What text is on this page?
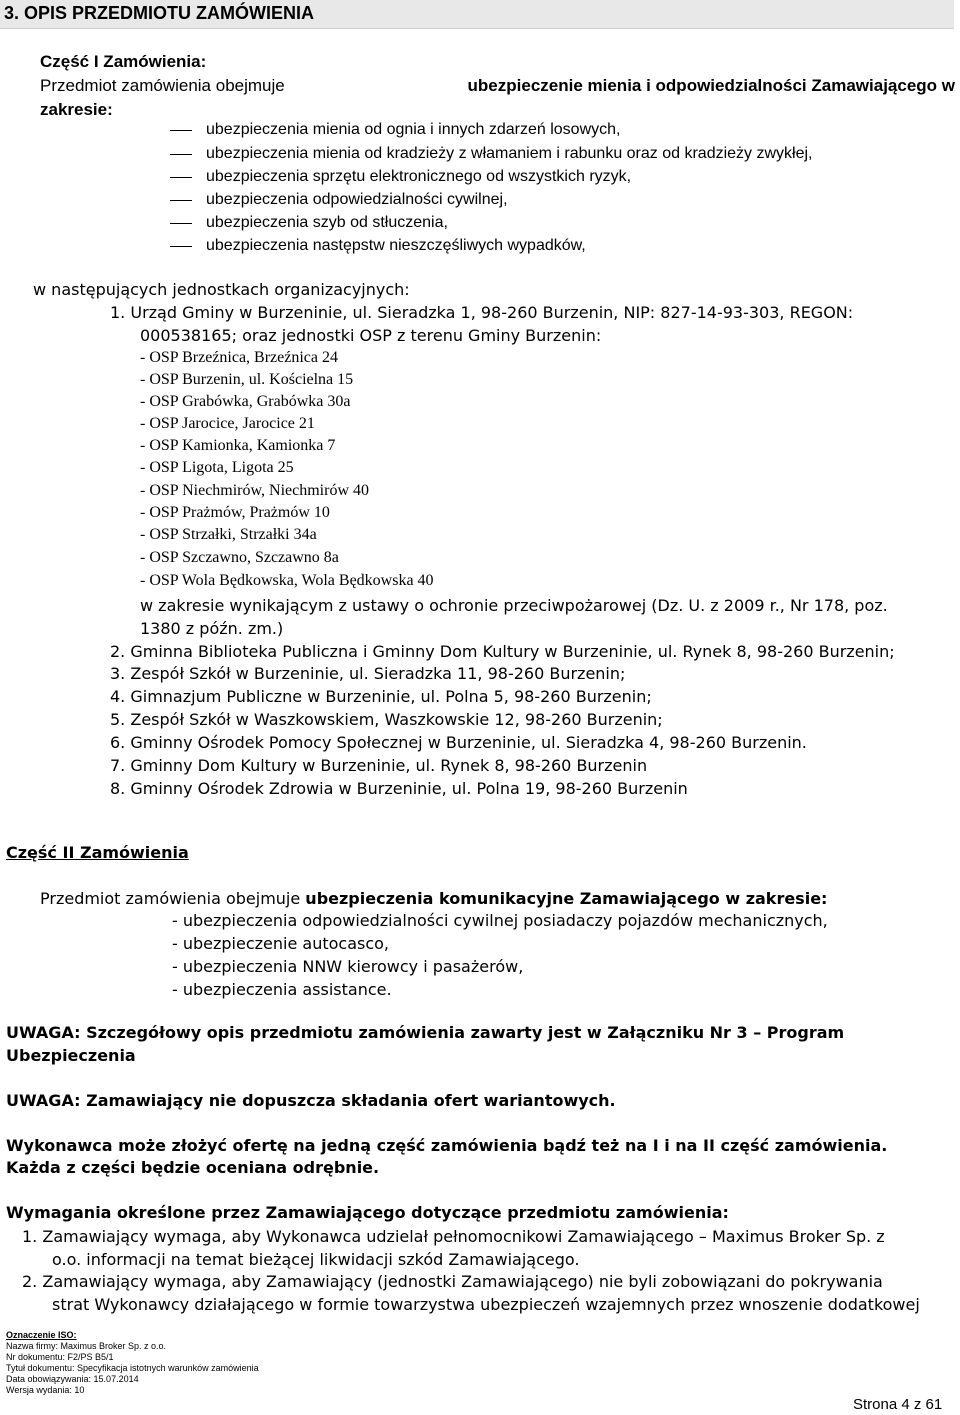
3. OPIS PRZEDMIOTU ZAMÓWIENIA
Część I Zamówienia:
Przedmiot zamówienia obejmuje	ubezpieczenie mienia i odpowiedzialności Zamawiającego w
zakresie:
ubezpieczenia mienia od ognia i innych zdarzeń losowych,
ubezpieczenia mienia od kradzieży z włamaniem i rabunku oraz od kradzieży zwykłej,
ubezpieczenia sprzętu elektronicznego od wszystkich ryzyk,
ubezpieczenia odpowiedzialności cywilnej,
ubezpieczenia szyb od stłuczenia,
ubezpieczenia następstw nieszczęśliwych wypadków,
w następujących jednostkach organizacyjnych:
1. Urząd Gminy w Burzeninie, ul. Sieradzka 1, 98-260 Burzenin, NIP: 827-14-93-303, REGON:
000538165; oraz jednostki OSP z terenu Gminy Burzenin:
- OSP Brzeźnica, Brzeźnica 24
- OSP Burzenin, ul. Kościelna 15
- OSP Grabówka, Grabówka 30a
- OSP Jarocice, Jarocice 21
- OSP Kamionka, Kamionka 7
- OSP Ligota, Ligota 25
- OSP Niechmirów, Niechmirów 40
- OSP Prażmów, Prażmów 10
- OSP Strzałki, Strzałki 34a
- OSP Szczawno, Szczawno 8a
- OSP Wola Będkowska, Wola Będkowska 40
w zakresie wynikającym z ustawy o ochronie przeciwpożarowej (Dz. U. z 2009 r., Nr 178, poz.
1380 z późn. zm.)
2. Gminna Biblioteka Publiczna i Gminny Dom Kultury w Burzeninie, ul. Rynek 8, 98-260 Burzenin;
3. Zespół Szkół w Burzeninie, ul. Sieradzka 11, 98-260 Burzenin;
4. Gimnazjum Publiczne w Burzeninie, ul. Polna 5, 98-260 Burzenin;
5. Zespół Szkół w Waszkowskiem, Waszkowskie 12, 98-260 Burzenin;
6. Gminny Ośrodek Pomocy Społecznej w Burzeninie, ul. Sieradzka 4, 98-260 Burzenin.
7. Gminny Dom Kultury w Burzeninie, ul. Rynek 8, 98-260 Burzenin
8. Gminny Ośrodek Zdrowia w Burzeninie, ul. Polna 19, 98-260 Burzenin
Część II Zamówienia
Przedmiot zamówienia obejmuje ubezpieczenia komunikacyjne Zamawiającego w zakresie:
- ubezpieczenia odpowiedzialności cywilnej posiadaczy pojazdów mechanicznych,
- ubezpieczenie autocasco,
- ubezpieczenia NNW kierowcy i pasażerów,
- ubezpieczenia assistance.
UWAGA: Szczegółowy opis przedmiotu zamówienia zawarty jest w Załączniku Nr 3 – Program
Ubezpieczenia
UWAGA: Zamawiający nie dopuszcza składania ofert wariantowych.
Wykonawca może złożyć ofertę na jedną część zamówienia bądź też na I i na II część zamówienia.
Każda z części będzie oceniana odrębnie.
Wymagania określone przez Zamawiającego dotyczące przedmiotu zamówienia:
1. Zamawiający wymaga, aby Wykonawca udzielał pełnomocnikowi Zamawiającego – Maximus Broker Sp. z
o.o. informacji na temat bieżącej likwidacji szkód Zamawiającego.
2. Zamawiający wymaga, aby Zamawiający (jednostki Zamawiającego) nie byli zobowiązani do pokrywania
strat Wykonawcy działającego w formie towarzystwa ubezpieczeń wzajemnych przez wnoszenie dodatkowej
Oznaczenie ISO:
Nazwa firmy: Maximus Broker Sp. z o.o.
Nr dokumentu: F2/PS B5/1
Tytuł dokumentu: Specyfikacja istotnych warunków zamówienia
Data obowiązywania: 15.07.2014
Wersja wydania: 10
Strona 4 z 61
